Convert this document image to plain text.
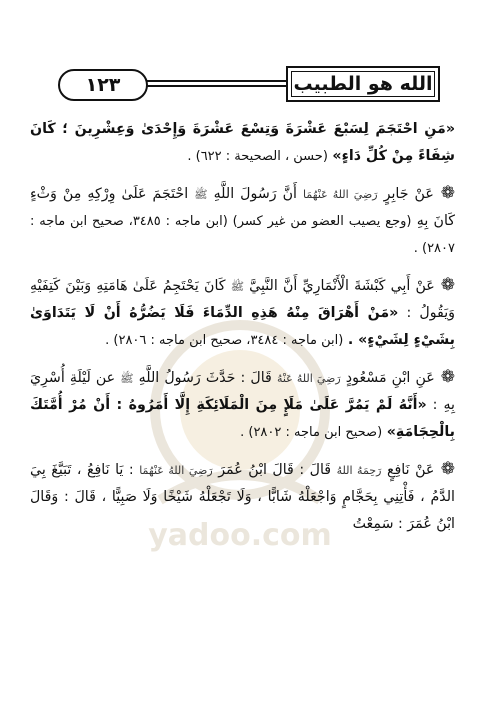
yadoo.com
١٢٣	الله هو الطبيب

«مَنِ احْتَجَمَ لِسَبْعَ عَشْرَةَ وَتِسْعَ عَشْرَةَ وَإِحْدَىٰ وَعِشْرِينَ ؛ كَانَ شِفَاءً مِنْ كُلِّ دَاءٍ» (حسن ، الصحيحة : ٦٢٢) .

❁ عَنْ جَابِرٍ رَضِيَ اللهُ عَنْهُمَا أَنَّ رَسُولَ اللَّهِ ﷺ احْتَجَمَ عَلَىٰ وِرْكِهِ مِنْ وَثْءٍ كَانَ بِهِ (وجع يصيب العضو من غير كسر) (ابن ماجه : ٣٤٨٥، صحيح ابن ماجه : ٢٨٠٧) .

❁ عَنْ أَبِي كَبْشَةَ الْأَنْمَارِيِّ أَنَّ النَّبِيَّ ﷺ كَانَ يَحْتَجِمُ عَلَىٰ هَامَتِهِ وَبَيْنَ كَتِفَيْهِ وَيَقُولُ : «مَنْ أَهْرَاقَ مِنْهُ هَذِهِ الدِّمَاءَ فَلَا يَضُرُّهُ أَنْ لَا يَتَدَاوَىٰ بِشَيْءٍ لِشَيْءٍ» . (ابن ماجه : ٣٤٨٤، صحيح ابن ماجه : ٢٨٠٦) .

❁ عَنِ ابْنِ مَسْعُودٍ رَضِيَ اللهُ عَنْهُ قَالَ : حَدَّثَ رَسُولُ اللَّهِ ﷺ عن لَيْلَةِ أُسْرِيَ بِهِ : «أَنَّهُ لَمْ يَمُرَّ عَلَىٰ مَلَإٍ مِنَ الْمَلَائِكَةِ إِلَّا أَمَرُوهُ : أَنْ مُرْ أُمَّتَكَ بِالْحِجَامَةِ» (صحيح ابن ماجه : ٢٨٠٢) .

❁ عَنْ نَافِعٍ رَحِمَهُ اللهُ قَالَ : قَالَ ابْنُ عُمَرَ رَضِيَ اللهُ عَنْهُمَا : يَا نَافِعُ ، تَبَيَّغَ بِيَ الدَّمُ ، فَأْتِنِي بِحَجَّامٍ وَاجْعَلْهُ شَابًّا ، وَلَا تَجْعَلْهُ شَيْخًا وَلَا صَبِيًّا ، قَالَ : وَقَالَ ابْنُ عُمَرَ : سَمِعْتُ
